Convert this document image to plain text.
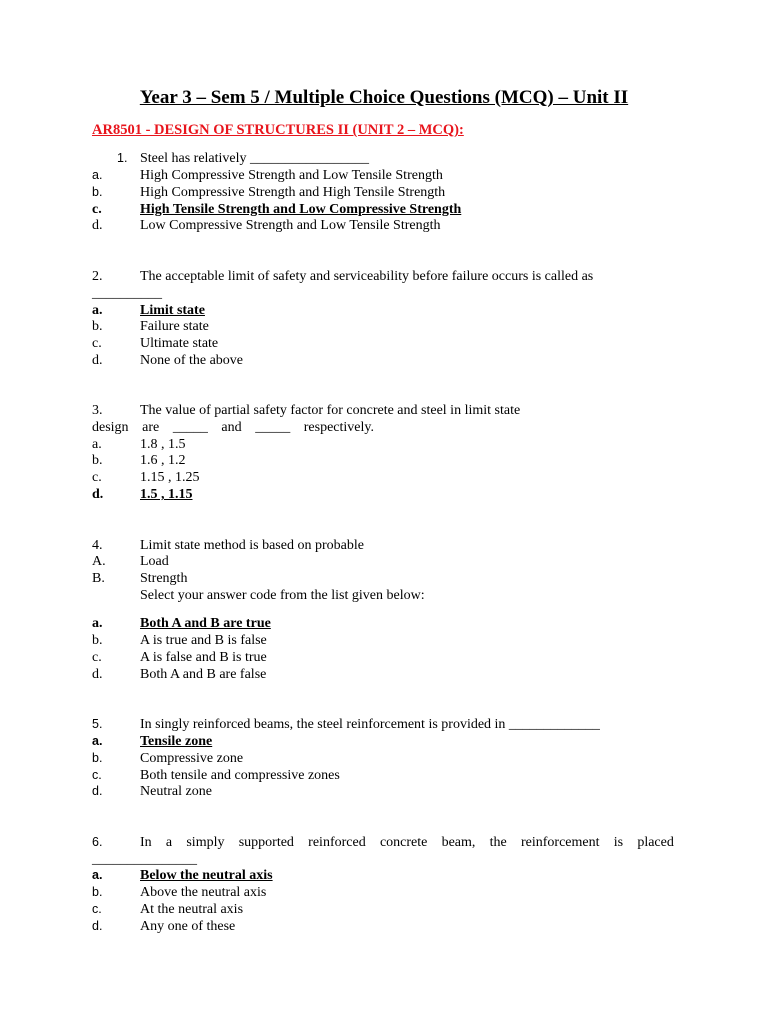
Year 3 – Sem 5 / Multiple Choice Questions (MCQ) – Unit II
AR8501 - DESIGN OF STRUCTURES II (UNIT 2 – MCQ):
1. Steel has relatively _________________
a.	High Compressive Strength and Low Tensile Strength
b.	High Compressive Strength and High Tensile Strength
c.	High Tensile Strength and Low Compressive Strength
d.	Low Compressive Strength and Low Tensile Strength
2.	The acceptable limit of safety and serviceability before failure occurs is called as
__________
a.	Limit state
b.	Failure state
c.	Ultimate state
d.	None of the above
3.	The value of partial safety factor for concrete and steel in limit state
design are _____ and _____ respectively.
a.	1.8 , 1.5
b.	1.6 , 1.2
c.	1.15 , 1.25
d.	1.5 , 1.15
4.	Limit state method is based on probable
A. Load
B.	Strength
Select your answer code from the list given below:
a.	Both A and B are true
b.	A is true and B is false
c.	A is false and B is true
d.	Both A and B are false
5.	In singly reinforced beams, the steel reinforcement is provided in _____________
a.	Tensile zone
b.	Compressive zone
c.	Both tensile and compressive zones
d.	Neutral zone
6.	In a simply supported reinforced concrete beam, the reinforcement is placed
_______________
a.	Below the neutral axis
b.	Above the neutral axis
c.	At the neutral axis
d.	Any one of these
